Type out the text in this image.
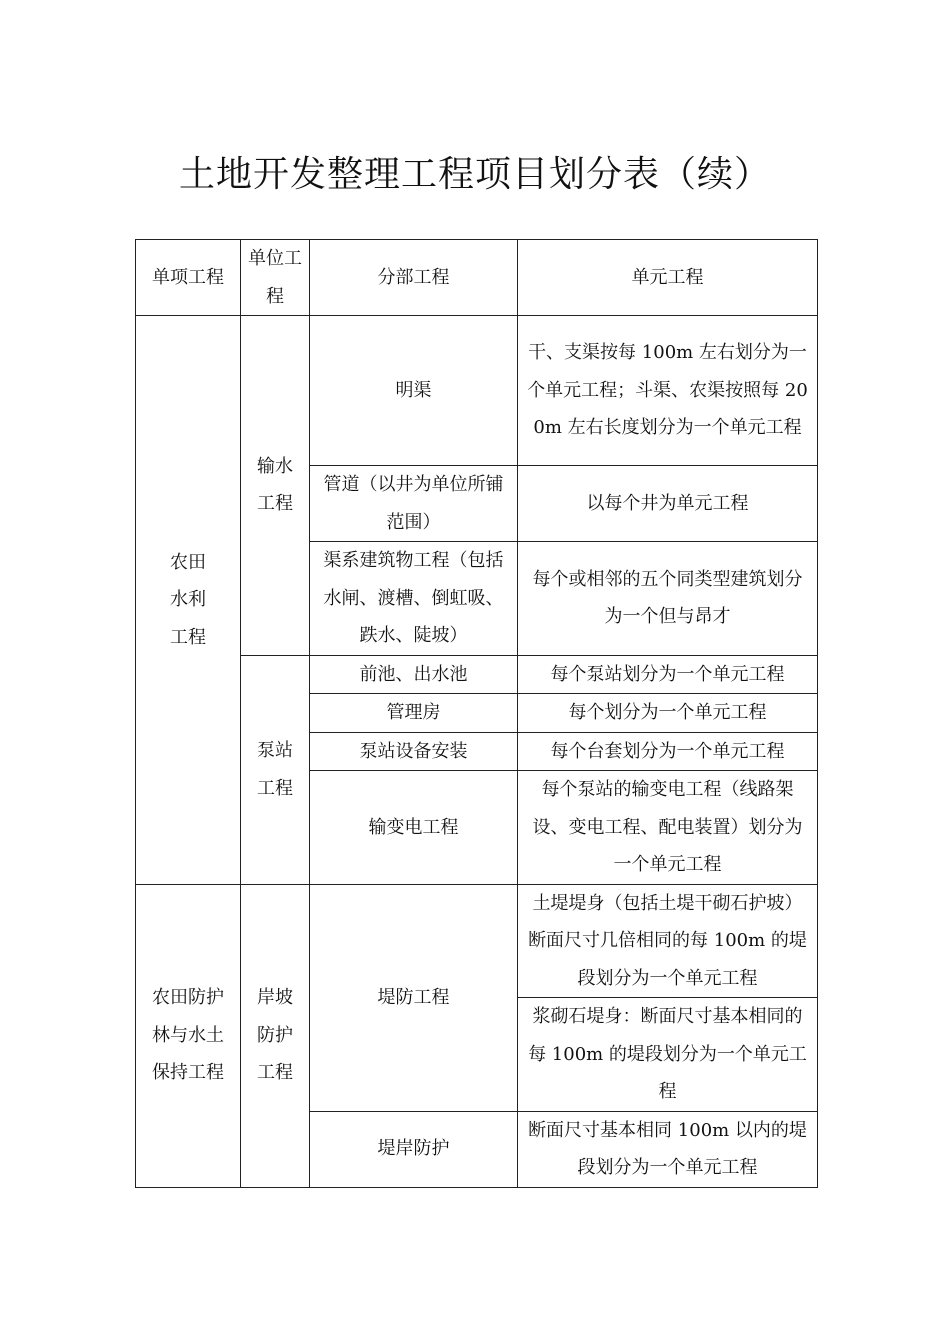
土地开发整理工程项目划分表（续）
单项工程	单位工程	分部工程	单元工程
农田水利工程	输水工程	明渠	干、支渠按每 100m 左右划分为一个单元工程；斗渠、农渠按照每 200m 左右长度划分为一个单元工程
		管道（以井为单位所铺范围）	以每个井为单元工程
		渠系建筑物工程（包括水闸、渡槽、倒虹吸、跌水、陡坡）	每个或相邻的五个同类型建筑划分为一个但与昂才
	泵站工程	前池、出水池	每个泵站划分为一个单元工程
		管理房	每个划分为一个单元工程
		泵站设备安装	每个台套划分为一个单元工程
		输变电工程	每个泵站的输变电工程（线路架设、变电工程、配电装置）划分为一个单元工程
农田防护林与水土保持工程	岸坡防护工程	堤防工程	土堤堤身（包括土堤干砌石护坡）断面尺寸几倍相同的每 100m 的堤段划分为一个单元工程
			浆砌石堤身：断面尺寸基本相同的每 100m 的堤段划分为一个单元工程
		堤岸防护	断面尺寸基本相同 100m 以内的堤段划分为一个单元工程
